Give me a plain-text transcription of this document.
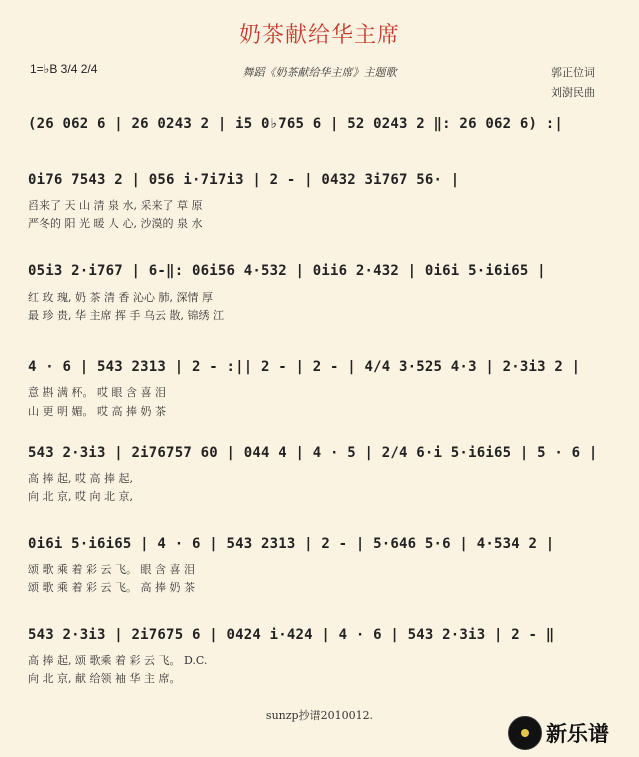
奶茶献给华主席
1=♭B 3/4 2/4	舞蹈《奶茶献给华主席》主题歌	郭正位词
刘澍民曲
(26 062 6 | 26 0243 2 | i5 0♭765 6 | 52 0243 2 ‖: 26 062 6) :|
0i76 7543 2 | 056 i·7i7i3 | 2 - | 0432 3i767 56· |
舀来了 天 山 清 泉 水, 采来了 草 原
严冬的 阳 光 暖 人 心, 沙漠的 泉 水
05i3 2·i767 | 6-‖: 06i56 4·532 | 0ii6 2·432 | 0i6i 5·i6i65 |
红 玫 瑰, 奶 茶 清 香 沁心 肺, 深情 厚
最 珍 贵, 华 主席 挥 手 乌云 散, 锦绣 江
4 · 6 | 543 2313 | 2 - :|| 2 - | 2 - | 4/4 3·525 4·3 | 2·3i3 2 |
意 斟 满 杯。 哎 眼 含 喜 泪
山 更 明 媚。 哎 高 捧 奶 茶
543 2·3i3 | 2i76757 60 | 044 4 | 4 · 5 | 2/4 6·i 5·i6i65 | 5 · 6 |
高 捧 起, 哎 高 捧 起,
向 北 京, 哎 向 北 京,
0i6i 5·i6i65 | 4 · 6 | 543 2313 | 2 - | 5·646 5·6 | 4·534 2 |
颂 歌 乘 着 彩 云 飞。 眼 含 喜 泪
颂 歌 乘 着 彩 云 飞。 高 捧 奶 茶
543 2·3i3 | 2i7675 6 | 0424 i·424 | 4 · 6 | 543 2·3i3 | 2 - ‖
高 捧 起, 颂 歌乘 着 彩 云 飞。 D.C.
向 北 京, 献 给领 袖 华 主 席。
sunzp抄谱2010012.
新乐谱
